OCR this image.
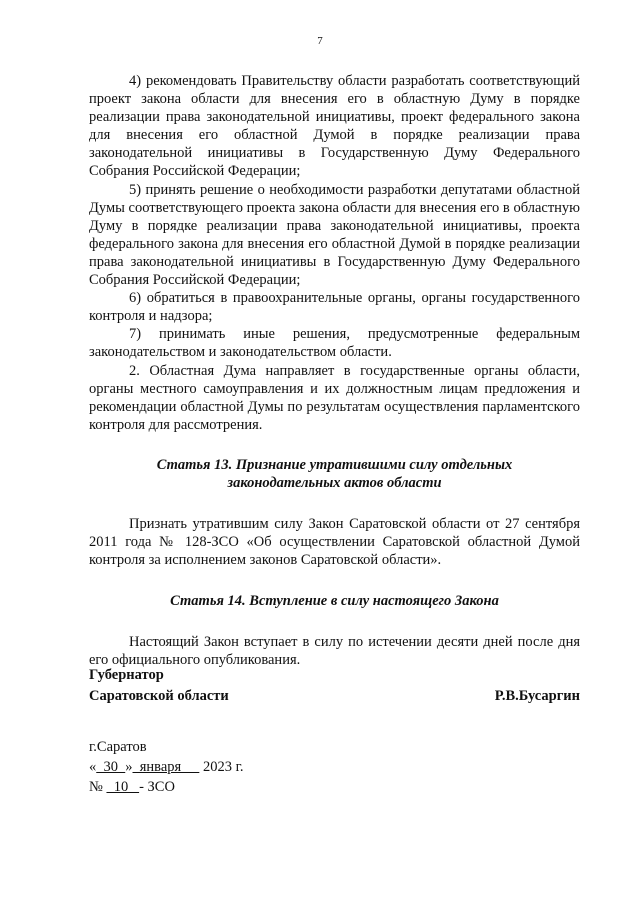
7

4) рекомендовать Правительству области разработать соответствующий проект закона области для внесения его в областную Думу в порядке реализации права законодательной инициативы, проект федерального закона для внесения его областной Думой в порядке реализации права законодательной инициативы в Государственную Думу Федерального Собрания Российской Федерации;

5) принять решение о необходимости разработки депутатами областной Думы соответствующего проекта закона области для внесения его в областную Думу в порядке реализации права законодательной инициативы, проекта федерального закона для внесения его областной Думой в порядке реализации права законодательной инициативы в Государственную Думу Федерального Собрания Российской Федерации;

6) обратиться в правоохранительные органы, органы государственного контроля и надзора;

7) принимать иные решения, предусмотренные федеральным законодательством и законодательством области.

2. Областная Дума направляет в государственные органы области, органы местного самоуправления и их должностным лицам предложения и рекомендации областной Думы по результатам осуществления парламентского контроля для рассмотрения.

Статья 13. Признание утратившими силу отдельных
законодательных актов области

Признать утратившим силу Закон Саратовской области от 27 сентября 2011 года № 128-ЗСО «Об осуществлении Саратовской областной Думой контроля за исполнением законов Саратовской области».

Статья 14. Вступление в силу настоящего Закона

Настоящий Закон вступает в силу по истечении десяти дней после дня его официального опубликования.

Губернатор
Саратовской области	Р.В.Бусаргин
г.Саратов
«  30  »  января      2023 г.
№   10   - ЗСО
